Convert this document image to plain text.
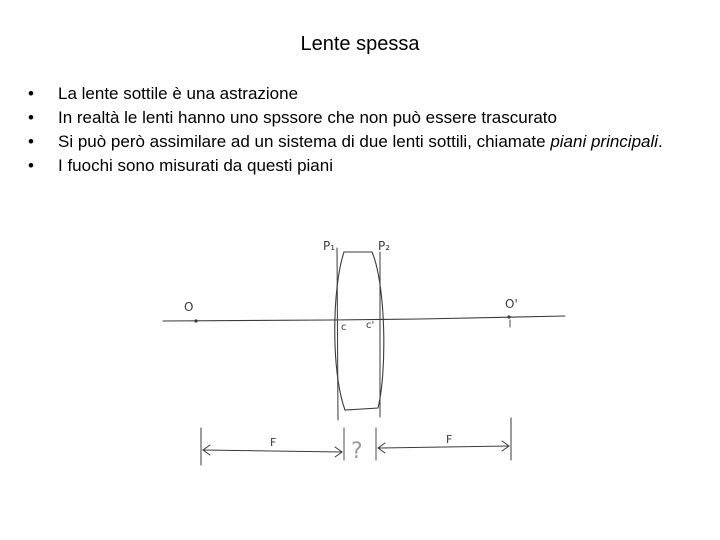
Lente spessa
• La lente sottile è una astrazione
• In realtà le lenti hanno uno spssore che non può essere trascurato
• Si può però assimilare ad un sistema di due lenti sottili, chiamate piani principali.
• I fuochi sono misurati da questi piani
P₁	P₂
O	O'
c c'
F	F
?
